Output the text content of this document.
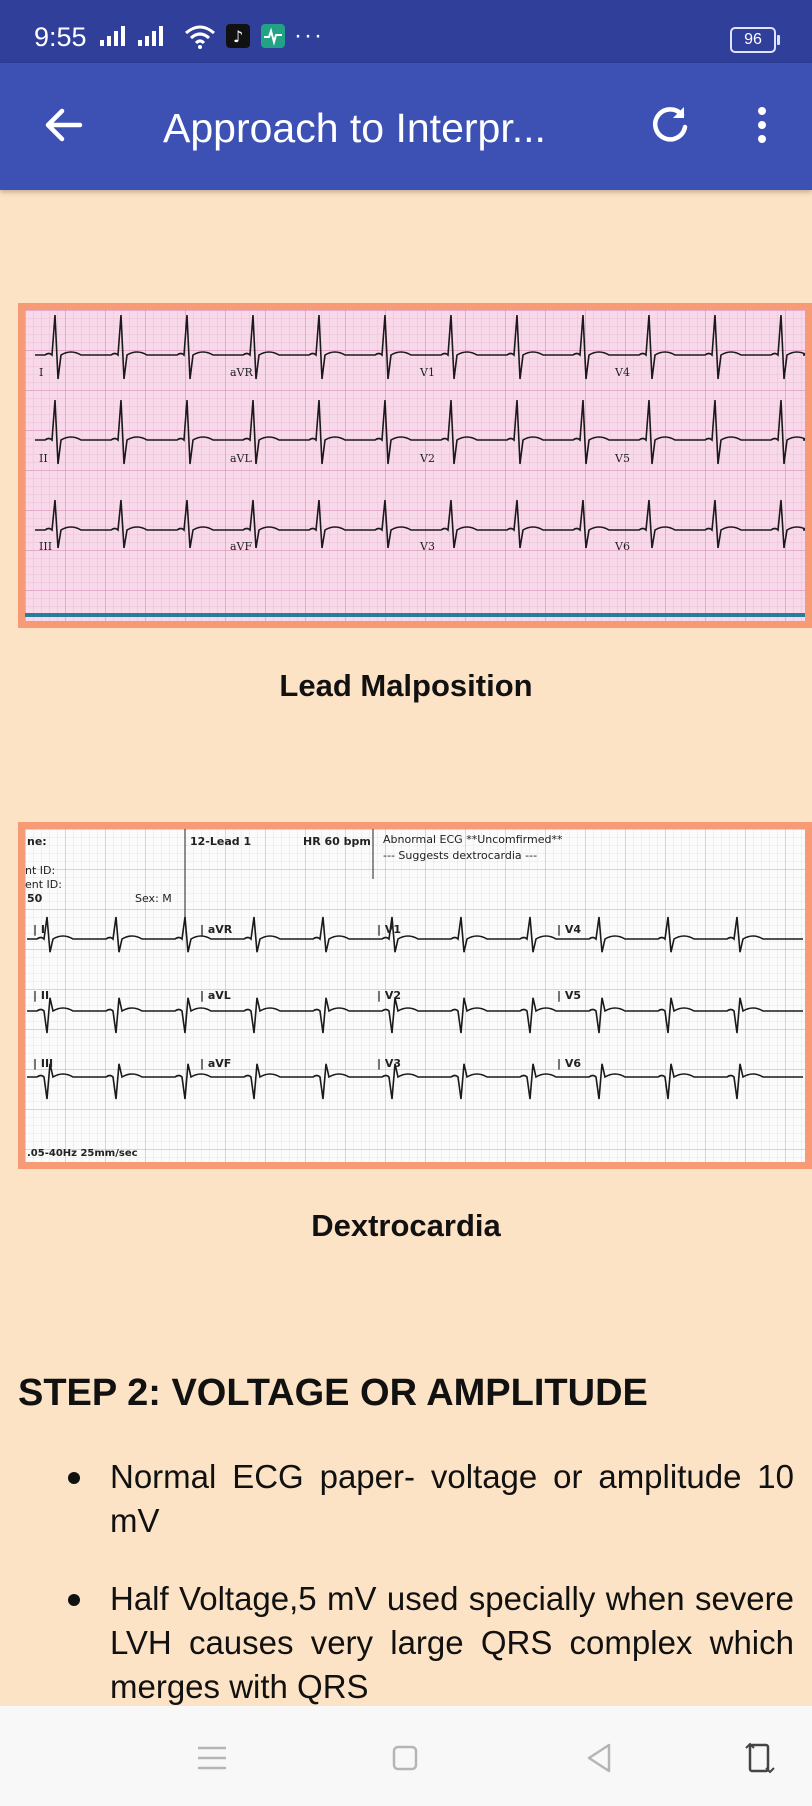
9:55	♪ ···	96
Approach to Interpr...
I	aVR	V1	V4
II	aVL	V2	V5
III	aVF	V3	V6
Lead Malposition
ne:	12-Lead 1	HR 60 bpm Abnormal ECG **Uncomfirmed**
--- Suggests dextrocardia ---
nt ID:
ent ID:
50	Sex: M
.05-40Hz 25mm/sec
| I	| aVR	| V1	| V4
| II	| aVL	| V2	| V5
| III	| aVF	| V3	| V6
Dextrocardia
STEP 2: VOLTAGE OR AMPLITUDE
Normal ECG paper- voltage or amplitude 10 mV
Half Voltage,5 mV used specially when severe LVH causes very large QRS complex which merges with QRS
